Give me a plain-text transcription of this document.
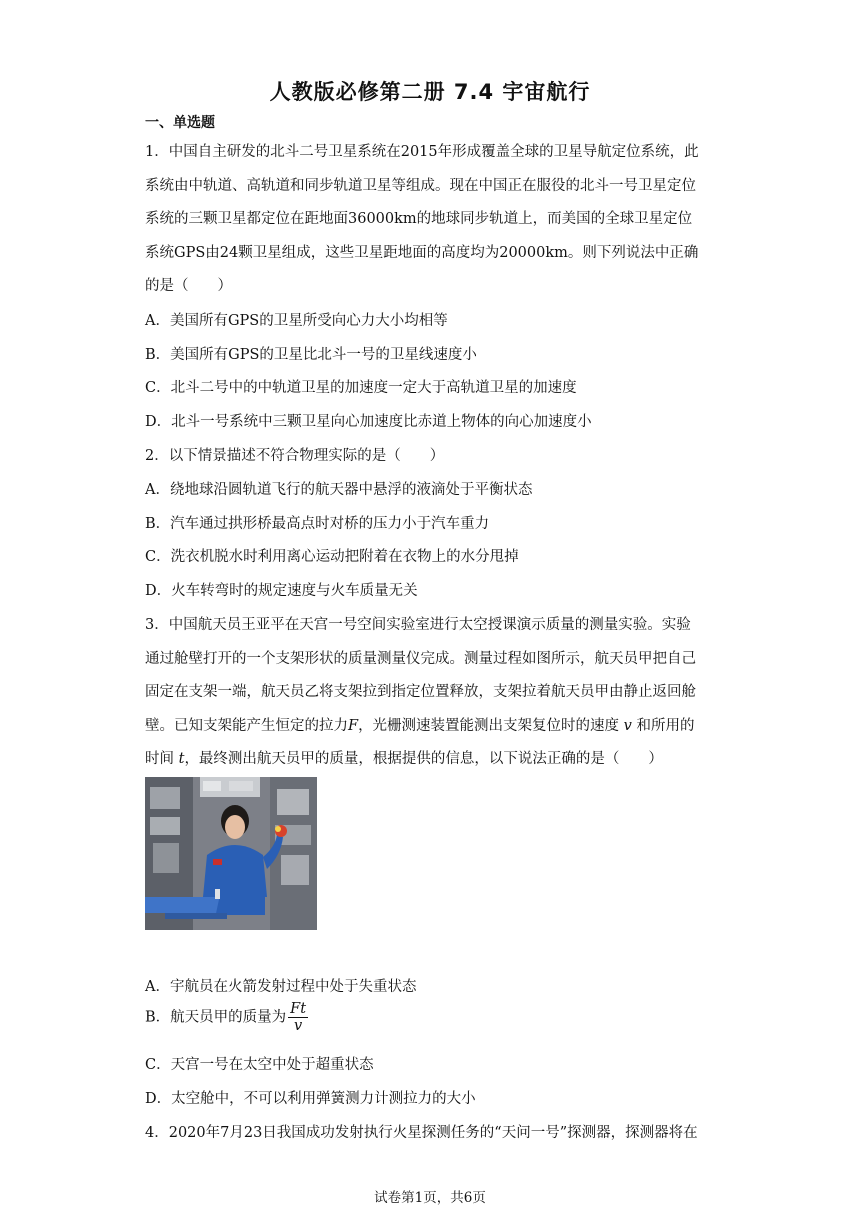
人教版必修第二册 7.4 宇宙航行
一、单选题
1．中国自主研发的北斗二号卫星系统在2015年形成覆盖全球的卫星导航定位系统，此
系统由中轨道、高轨道和同步轨道卫星等组成。现在中国正在服役的北斗一号卫星定位
系统的三颗卫星都定位在距地面36000km的地球同步轨道上，而美国的全球卫星定位
系统GPS由24颗卫星组成，这些卫星距地面的高度均为20000km。则下列说法中正确
的是（　　）
A．美国所有GPS的卫星所受向心力大小均相等
B．美国所有GPS的卫星比北斗一号的卫星线速度小
C．北斗二号中的中轨道卫星的加速度一定大于高轨道卫星的加速度
D．北斗一号系统中三颗卫星向心加速度比赤道上物体的向心加速度小
2．以下情景描述不符合物理实际的是（　　）
A．绕地球沿圆轨道飞行的航天器中悬浮的液滴处于平衡状态
B．汽车通过拱形桥最高点时对桥的压力小于汽车重力
C．洗衣机脱水时利用离心运动把附着在衣物上的水分甩掉
D．火车转弯时的规定速度与火车质量无关
3．中国航天员王亚平在天宫一号空间实验室进行太空授课演示质量的测量实验。实验
通过舱壁打开的一个支架形状的质量测量仪完成。测量过程如图所示，航天员甲把自己
固定在支架一端，航天员乙将支架拉到指定位置释放，支架拉着航天员甲由静止返回舱
壁。已知支架能产生恒定的拉力F，光栅测速装置能测出支架复位时的速度 v 和所用的
时间 t，最终测出航天员甲的质量，根据提供的信息，以下说法正确的是（　　）
A．宇航员在火箭发射过程中处于失重状态
B．航天员甲的质量为 $\frac{Ft}{v}$
C．天宫一号在太空中处于超重状态
D．太空舱中，不可以利用弹簧测力计测拉力的大小
4．2020年7月23日我国成功发射执行火星探测任务的“天问一号”探测器，探测器将在
试卷第1页，共6页
